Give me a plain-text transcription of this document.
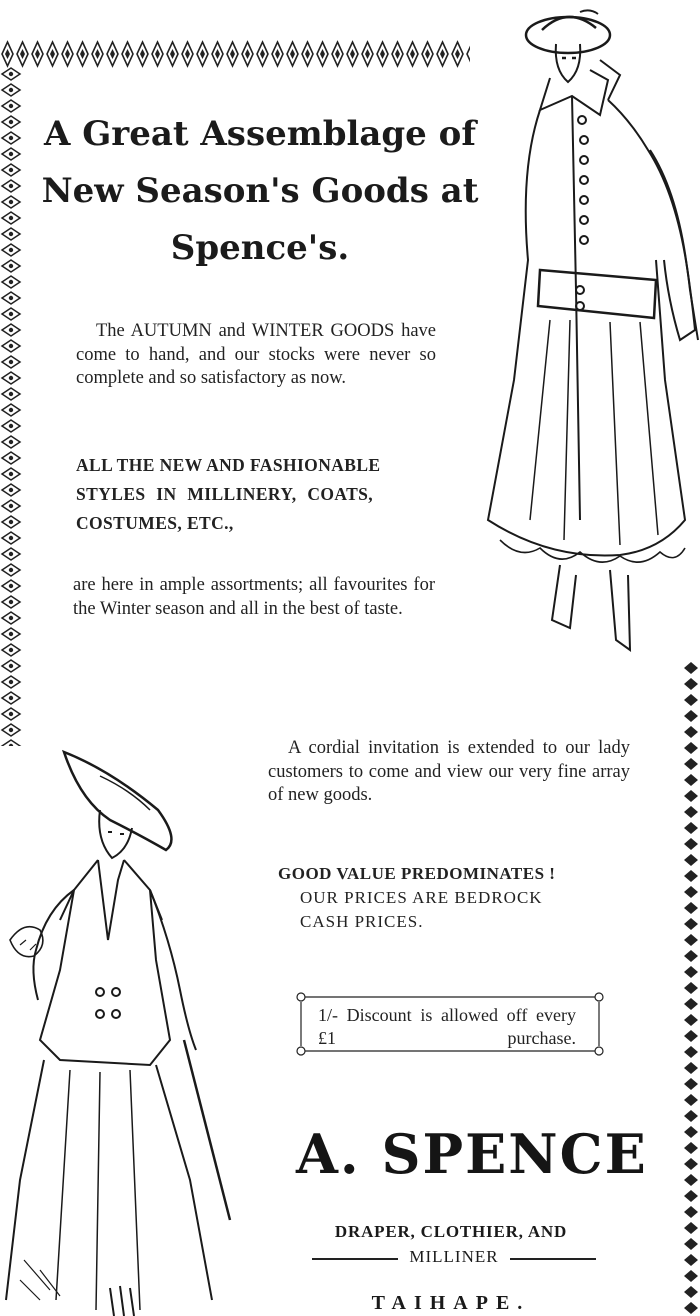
A Great Assemblage of
New Season's Goods at
Spence's.
The AUTUMN and WINTER GOODS have come to hand, and our stocks were never so complete and so satisfactory as now.
ALL THE NEW AND FASHIONABLE
STYLES IN MILLINERY, COATS,
COSTUMES, ETC.,
are here in ample assortments; all favourites for the Winter season and all in the best of taste.
A cordial invitation is extended to our lady customers to come and view our very fine array of new goods.
GOOD VALUE PREDOMINATES !
OUR PRICES ARE BEDROCK
CASH PRICES.
1/- Discount is allowed off every £1 purchase.
A. SPENCE
DRAPER, CLOTHIER, AND
MILLINER
TAIHAPE.
